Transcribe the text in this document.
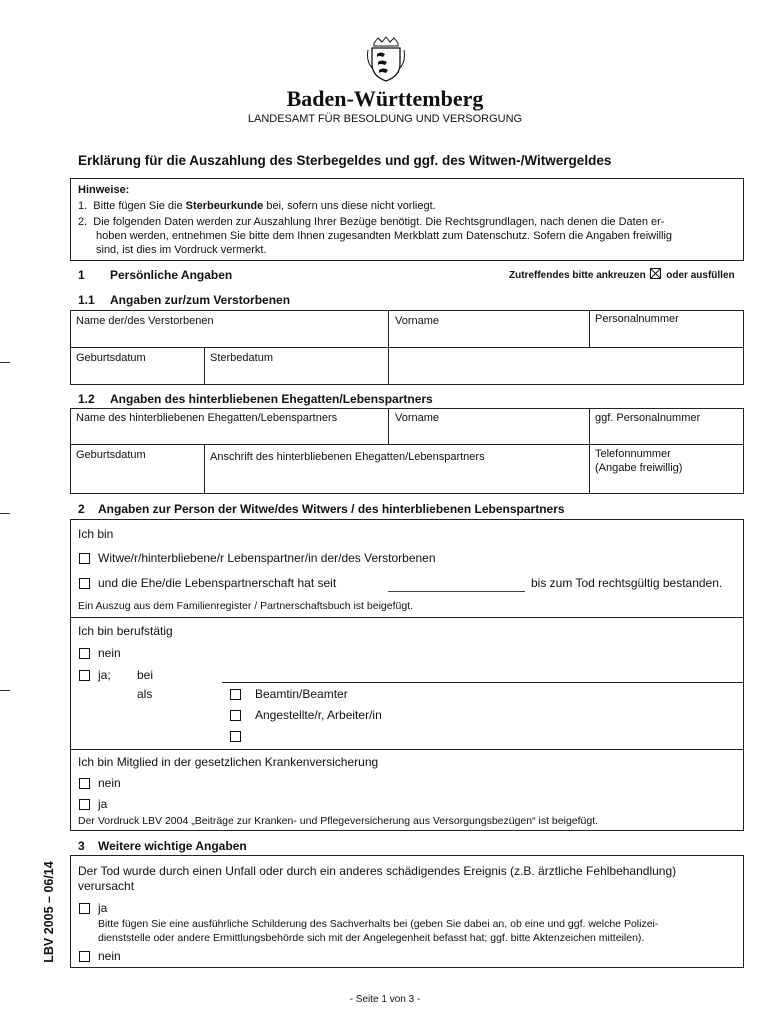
Baden-Württemberg
LANDESAMT FÜR BESOLDUNG UND VERSORGUNG
Erklärung für die Auszahlung des Sterbegeldes und ggf. des Witwen-/Witwergeldes
Hinweise:
1.  Bitte fügen Sie die Sterbeurkunde bei, sofern uns diese nicht vorliegt.
2.  Die folgenden Daten werden zur Auszahlung Ihrer Bezüge benötigt. Die Rechtsgrundlagen, nach denen die Daten er-
hoben werden, entnehmen Sie bitte dem Ihnen zugesandten Merkblatt zum Datenschutz. Sofern die Angaben freiwillig
sind, ist dies im Vordruck vermerkt.
1 Persönliche Angaben	Zutreffendes bitte ankreuzen oder ausfüllen
1.1 Angaben zur/zum Verstorbenen
Name der/des Verstorbenen	Vorname	Personalnummer
Geburtsdatum	Sterbedatum
1.2 Angaben des hinterbliebenen Ehegatten/Lebenspartners
Name des hinterbliebenen Ehegatten/Lebenspartners	Vorname	ggf. Personalnummer
Geburtsdatum	Anschrift des hinterbliebenen Ehegatten/Lebenspartners	Telefonnummer
(Angabe freiwillig)
2 Angaben zur Person der Witwe/des Witwers / des hinterbliebenen Lebenspartners
Ich bin
Witwe/r/hinterbliebene/r Lebenspartner/in der/des Verstorbenen
und die Ehe/die Lebenspartnerschaft hat seit	bis zum Tod rechtsgültig bestanden.
Ein Auszug aus dem Familienregister / Partnerschaftsbuch ist beigefügt.
Ich bin berufstätig
nein
ja; bei
als	Beamtin/Beamter
Angestellte/r, Arbeiter/in
Ich bin Mitglied in der gesetzlichen Krankenversicherung
nein
ja
Der Vordruck LBV 2004 „Beiträge zur Kranken- und Pflegeversicherung aus Versorgungsbezügen“ ist beigefügt.
3 Weitere wichtige Angaben
Der Tod wurde durch einen Unfall oder durch ein anderes schädigendes Ereignis (z.B. ärztliche Fehlbehandlung)
verursacht
ja
Bitte fügen Sie eine ausführliche Schilderung des Sachverhalts bei (geben Sie dabei an, ob eine und ggf. welche Polizei-
dienststelle oder andere Ermittlungsbehörde sich mit der Angelegenheit befasst hat; ggf. bitte Aktenzeichen mitteilen).
nein
LBV 2005 – 06/14
- Seite 1 von 3 -
